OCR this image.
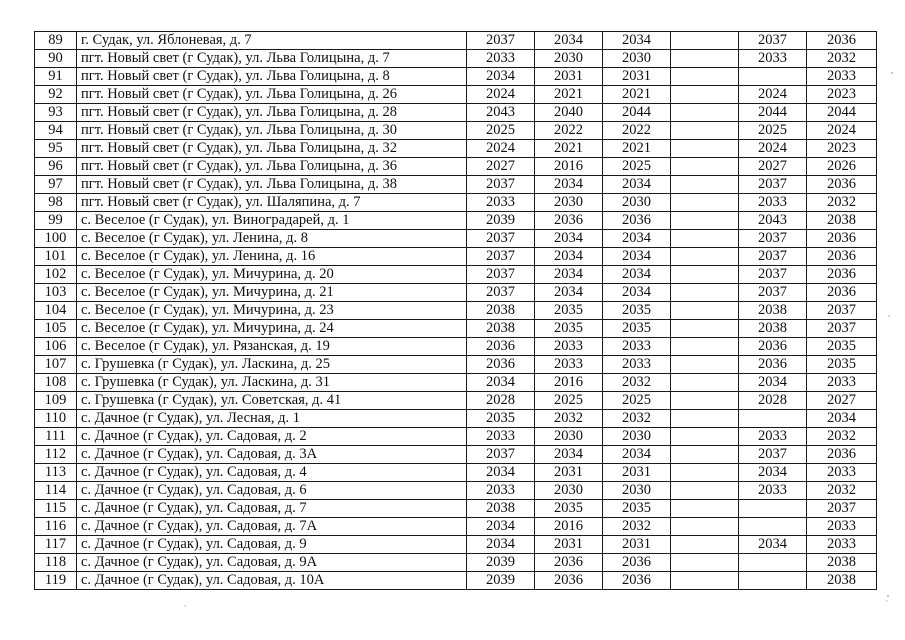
89	г. Судак, ул. Яблоневая, д. 7	2037	2034	2034		2037	2036
90	пгт. Новый свет (г Судак), ул. Льва Голицына, д. 7	2033	2030	2030		2033	2032
91	пгт. Новый свет (г Судак), ул. Льва Голицына, д. 8	2034	2031	2031			2033
92	пгт. Новый свет (г Судак), ул. Льва Голицына, д. 26	2024	2021	2021		2024	2023
93	пгт. Новый свет (г Судак), ул. Льва Голицына, д. 28	2043	2040	2044		2044	2044
94	пгт. Новый свет (г Судак), ул. Льва Голицына, д. 30	2025	2022	2022		2025	2024
95	пгт. Новый свет (г Судак), ул. Льва Голицына, д. 32	2024	2021	2021		2024	2023
96	пгт. Новый свет (г Судак), ул. Льва Голицына, д. 36	2027	2016	2025		2027	2026
97	пгт. Новый свет (г Судак), ул. Льва Голицына, д. 38	2037	2034	2034		2037	2036
98	пгт. Новый свет (г Судак), ул. Шаляпина, д. 7	2033	2030	2030		2033	2032
99	с. Веселое (г Судак), ул. Виноградарей, д. 1	2039	2036	2036		2043	2038
100	с. Веселое (г Судак), ул. Ленина, д. 8	2037	2034	2034		2037	2036
101	с. Веселое (г Судак), ул. Ленина, д. 16	2037	2034	2034		2037	2036
102	с. Веселое (г Судак), ул. Мичурина, д. 20	2037	2034	2034		2037	2036
103	с. Веселое (г Судак), ул. Мичурина, д. 21	2037	2034	2034		2037	2036
104	с. Веселое (г Судак), ул. Мичурина, д. 23	2038	2035	2035		2038	2037
105	с. Веселое (г Судак), ул. Мичурина, д. 24	2038	2035	2035		2038	2037
106	с. Веселое (г Судак), ул. Рязанская, д. 19	2036	2033	2033		2036	2035
107	с. Грушевка (г Судак), ул. Ласкина, д. 25	2036	2033	2033		2036	2035
108	с. Грушевка (г Судак), ул. Ласкина, д. 31	2034	2016	2032		2034	2033
109	с. Грушевка (г Судак), ул. Советская, д. 41	2028	2025	2025		2028	2027
110	с. Дачное (г Судак), ул. Лесная, д. 1	2035	2032	2032			2034
111	с. Дачное (г Судак), ул. Садовая, д. 2	2033	2030	2030		2033	2032
112	с. Дачное (г Судак), ул. Садовая, д. 3А	2037	2034	2034		2037	2036
113	с. Дачное (г Судак), ул. Садовая, д. 4	2034	2031	2031		2034	2033
114	с. Дачное (г Судак), ул. Садовая, д. 6	2033	2030	2030		2033	2032
115	с. Дачное (г Судак), ул. Садовая, д. 7	2038	2035	2035			2037
116	с. Дачное (г Судак), ул. Садовая, д. 7А	2034	2016	2032			2033
117	с. Дачное (г Судак), ул. Садовая, д. 9	2034	2031	2031		2034	2033
118	с. Дачное (г Судак), ул. Садовая, д. 9А	2039	2036	2036			2038
119	с. Дачное (г Судак), ул. Садовая, д. 10А	2039	2036	2036			2038
